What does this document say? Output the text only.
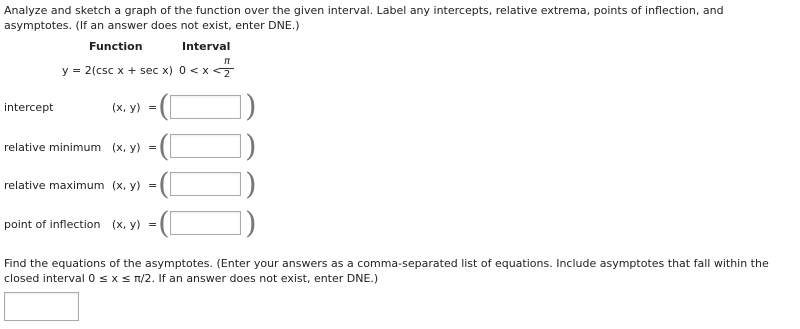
Analyze and sketch a graph of the function over the given interval. Label any intercepts, relative extrema, points of inflection, and asymptotes. (If an answer does not exist, enter DNE.)
Function	Interval
y = 2(csc x + sec x) 0 < x <
$\frac{\pi}{2}$
intercept	(x, y) = (	)
relative minimum (x, y) = (	)
relative maximum (x, y) = (	)
point of inflection (x, y) = (	)
Find the equations of the asymptotes. (Enter your answers as a comma-separated list of equations. Include asymptotes that fall within the closed interval 0 ≤ x ≤ π/2. If an answer does not exist, enter DNE.)
